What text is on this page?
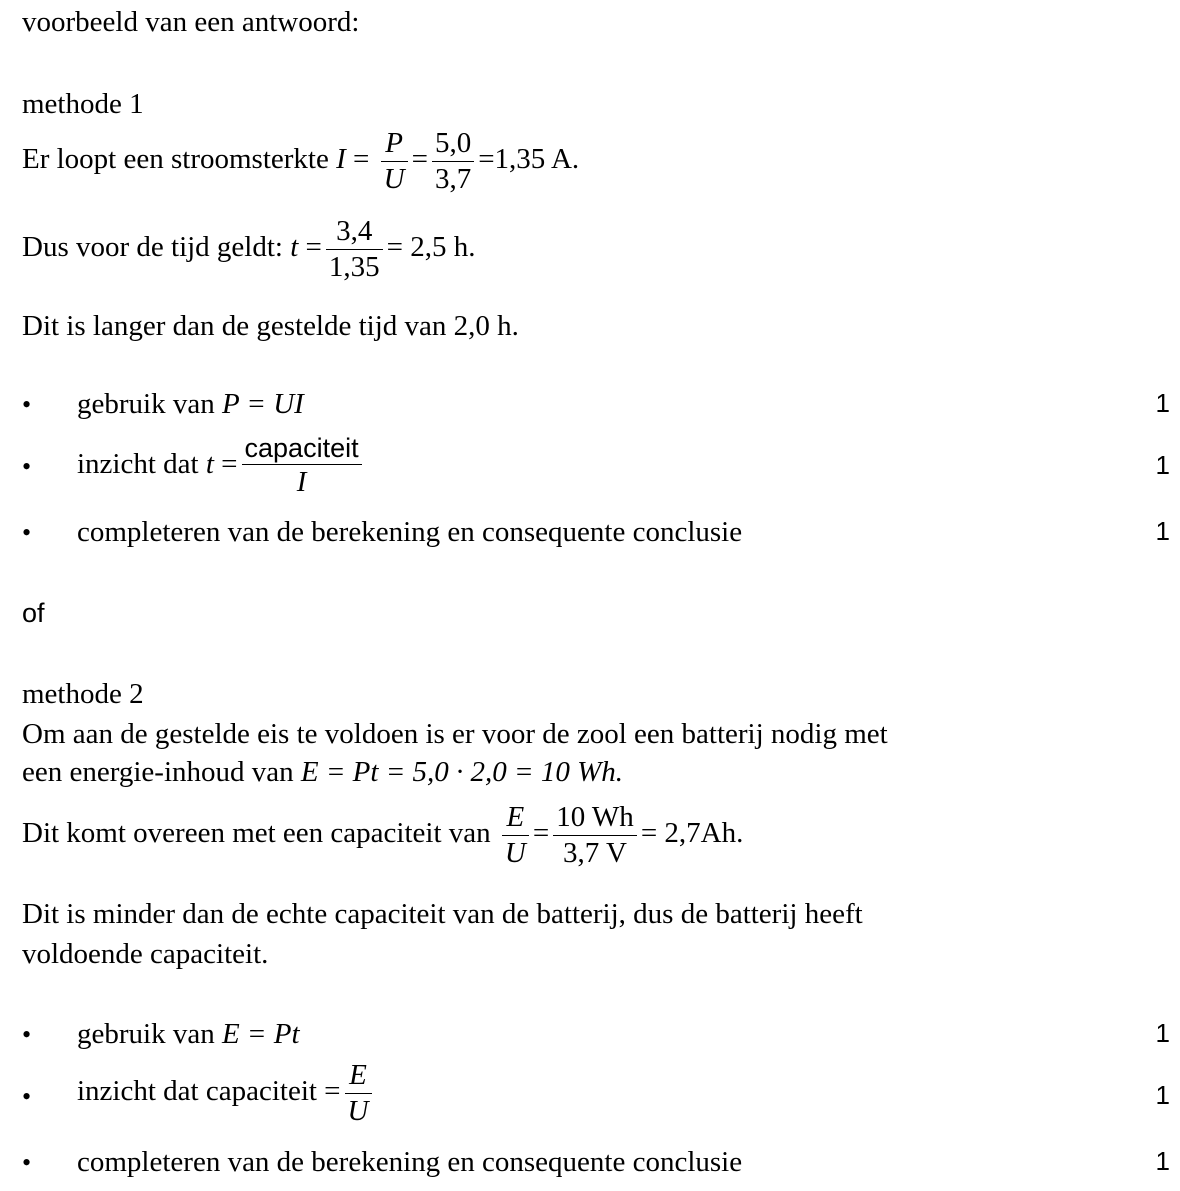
voorbeeld van een antwoord:
methode 1
Er loopt een stroomsterkte $I = \frac{P}{U} = \frac{5,0}{3,7} =1,35$ A.
Dus voor de tijd geldt: $t = \frac{3,4}{1,35} = 2,5$ h.
Dit is langer dan de gestelde tijd van 2,0 h.
• gebruik van P = UI	1
• inzicht dat $t = \frac{\text{capaciteit}}{I}$	1
• completeren van de berekening en consequente conclusie	1
of
methode 2
Om aan de gestelde eis te voldoen is er voor de zool een batterij nodig met
een energie-inhoud van E = Pt = 5,0 · 2,0 = 10 Wh.
Dit komt overeen met een capaciteit van $\frac{E}{U} = \frac{10 Wh}{3,7 V} = 2,7Ah$.
Dit is minder dan de echte capaciteit van de batterij, dus de batterij heeft
voldoende capaciteit.
• gebruik van E = Pt	1
• inzicht dat capaciteit = $\frac{E}{U}$	1
• completeren van de berekening en consequente conclusie	1
